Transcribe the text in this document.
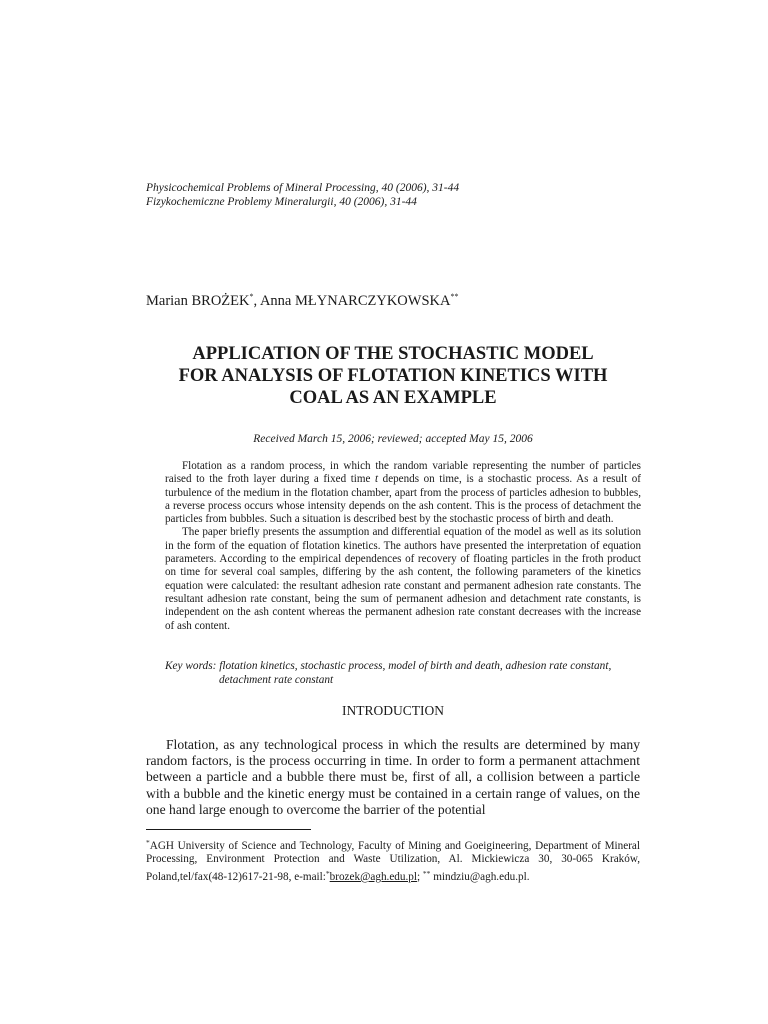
Physicochemical Problems of Mineral Processing, 40 (2006), 31-44
Fizykochemiczne Problemy Mineralurgii, 40 (2006), 31-44
Marian BROŻEK*, Anna MŁYNARCZYKOWSKA**
APPLICATION OF THE STOCHASTIC MODEL
FOR ANALYSIS OF FLOTATION KINETICS WITH
COAL AS AN EXAMPLE
Received March 15, 2006; reviewed; accepted May 15, 2006

Flotation as a random process, in which the random variable representing the number of particles raised to the froth layer during a fixed time t depends on time, is a stochastic process. As a result of turbulence of the medium in the flotation chamber, apart from the process of particles adhesion to bubbles, a reverse process occurs whose intensity depends on the ash content. This is the process of detachment the particles from bubbles. Such a situation is described best by the stochastic process of birth and death.

The paper briefly presents the assumption and differential equation of the model as well as its solution in the form of the equation of flotation kinetics. The authors have presented the interpretation of equation parameters. According to the empirical dependences of recovery of floating particles in the froth product on time for several coal samples, differing by the ash content, the following parameters of the kinetics equation were calculated: the resultant adhesion rate constant and permanent adhesion rate constants. The resultant adhesion rate constant, being the sum of permanent adhesion and detachment rate constants, is independent on the ash content whereas the permanent adhesion rate constant decreases with the increase of ash content.

Key words: flotation kinetics, stochastic process, model of birth and death, adhesion rate constant,
detachment rate constant
INTRODUCTION

Flotation, as any technological process in which the results are determined by many random factors, is the process occurring in time. In order to form a permanent attachment between a particle and a bubble there must be, first of all, a collision between a particle with a bubble and the kinetic energy must be contained in a certain range of values, on the one hand large enough to overcome the barrier of the potential

*AGH University of Science and Technology, Faculty of Mining and Goeigineering, Department of Mineral Processing, Environment Protection and Waste Utilization, Al. Mickiewicza 30, 30-065 Kraków, Poland,tel/fax(48-12)617-21-98, e-mail:*brozek@agh.edu.pl; ** mindziu@agh.edu.pl.
